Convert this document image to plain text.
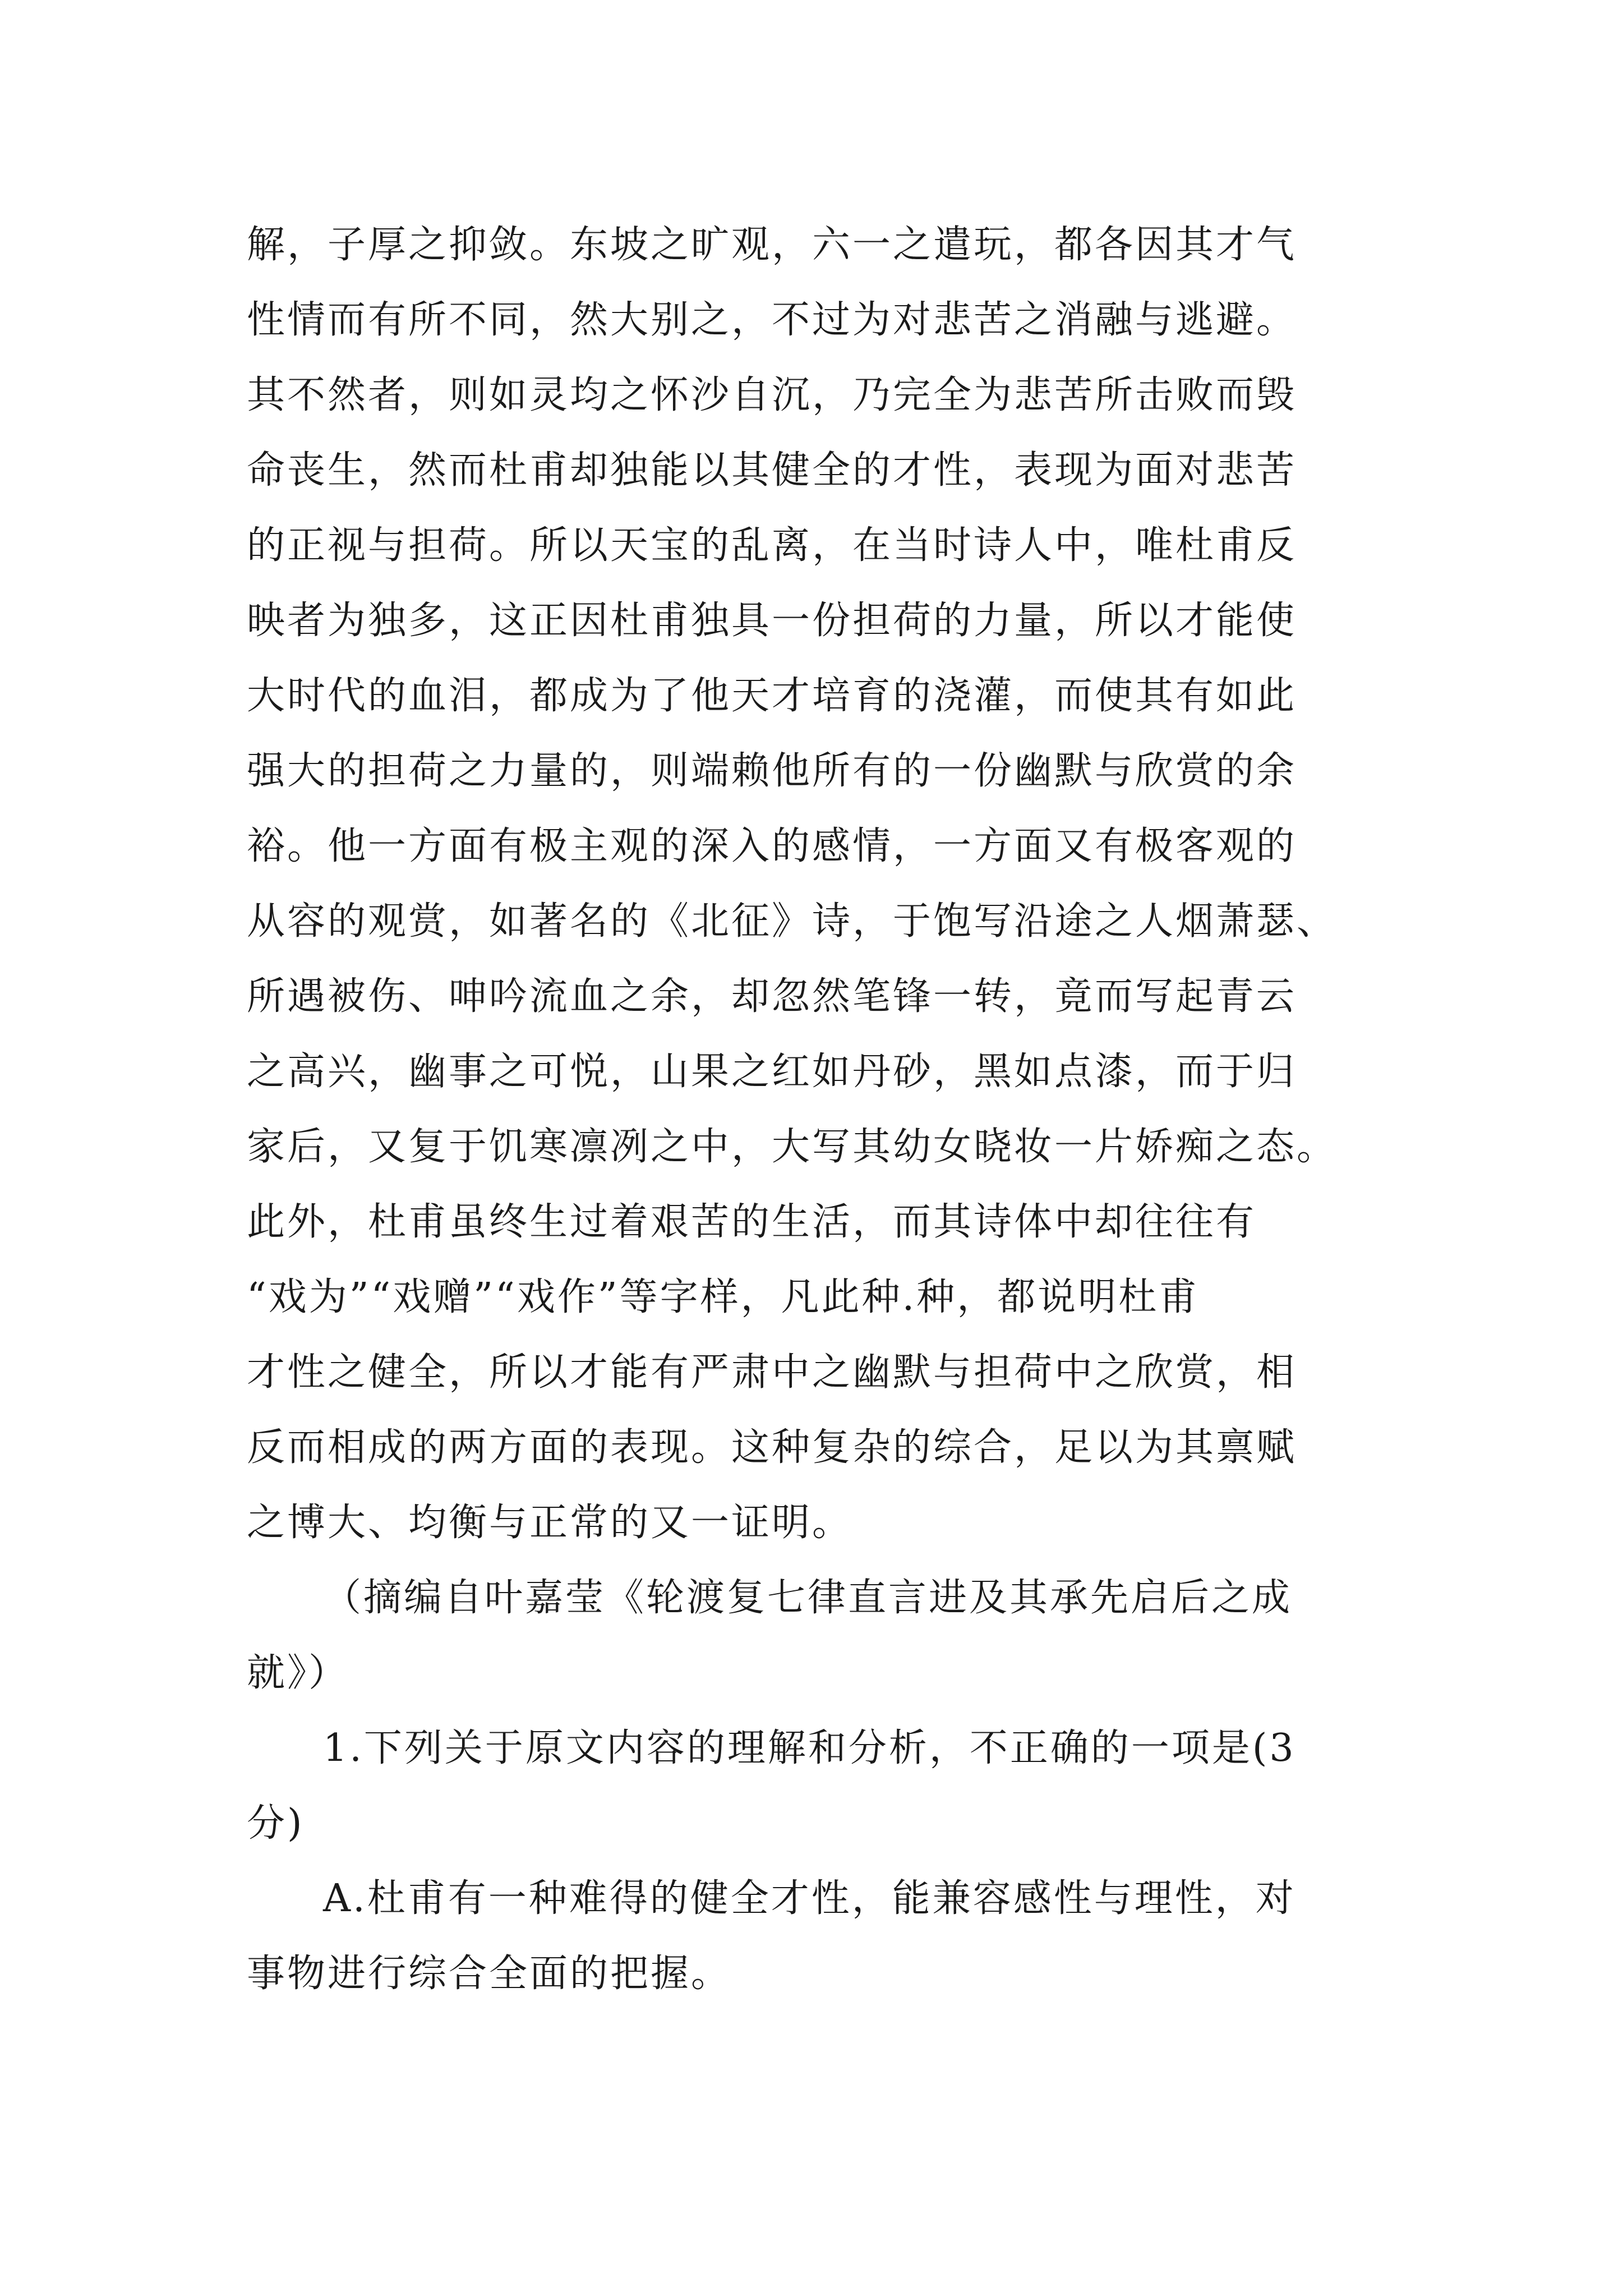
解，子厚之抑敛。东坡之旷观，六一之遣玩，都各因其才气
性情而有所不同，然大别之，不过为对悲苦之消融与逃避。
其不然者，则如灵均之怀沙自沉，乃完全为悲苦所击败而毁
命丧生，然而杜甫却独能以其健全的才性，表现为面对悲苦
的正视与担荷。所以天宝的乱离，在当时诗人中，唯杜甫反
映者为独多，这正因杜甫独具一份担荷的力量，所以才能使
大时代的血泪，都成为了他天才培育的浇灌，而使其有如此
强大的担荷之力量的，则端赖他所有的一份幽默与欣赏的余
裕。他一方面有极主观的深入的感情，一方面又有极客观的
从容的观赏，如著名的《北征》诗，于饱写沿途之人烟萧瑟、
所遇被伤、呻吟流血之余，却忽然笔锋一转，竟而写起青云
之高兴，幽事之可悦，山果之红如丹砂，黑如点漆，而于归
家后，又复于饥寒凛冽之中，大写其幼女晓妆一片娇痴之态。
此外，杜甫虽终生过着艰苦的生活，而其诗体中却往往有
“戏为”“戏赠”“戏作”等字样，凡此种.种，都说明杜甫
才性之健全，所以才能有严肃中之幽默与担荷中之欣赏，相
反而相成的两方面的表现。这种复杂的综合，足以为其禀赋
之博大、均衡与正常的又一证明。

（摘编自叶嘉莹《轮渡复七律直言进及其承先启后之成
就》）

1.下列关于原文内容的理解和分析，不正确的一项是(3
分)

A.杜甫有一种难得的健全才性，能兼容感性与理性，对
事物进行综合全面的把握。
